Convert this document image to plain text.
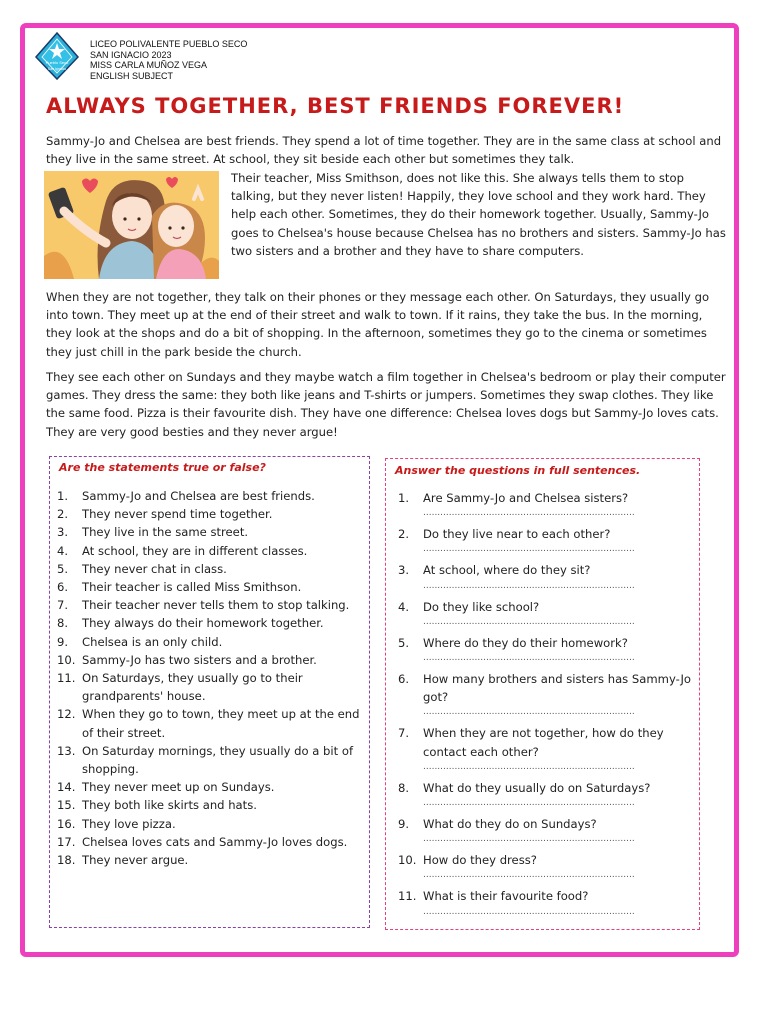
Pueblo Seco
San Ignacio
LICEO POLIVALENTE PUEBLO SECO
SAN IGNACIO 2023
MISS CARLA MUÑOZ VEGA
ENGLISH SUBJECT
ALWAYS TOGETHER, BEST FRIENDS FOREVER!
Sammy-Jo and Chelsea are best friends. They spend a lot of time together. They are in the same class at school and they live in the same street. At school, they sit beside each other but sometimes they talk.
Their teacher, Miss Smithson, does not like this. She always tells them to stop talking, but they never listen! Happily, they love school and they work hard. They help each other. Sometimes, they do their homework together. Usually, Sammy-Jo goes to Chelsea's house because Chelsea has no brothers and sisters. Sammy-Jo has two sisters and a brother and they have to share computers.
When they are not together, they talk on their phones or they message each other. On Saturdays, they usually go into town. They meet up at the end of their street and walk to town. If it rains, they take the bus. In the morning, they look at the shops and do a bit of shopping. In the afternoon, sometimes they go to the cinema or sometimes they just chill in the park beside the church.
They see each other on Sundays and they maybe watch a film together in Chelsea's bedroom or play their computer games. They dress the same: they both like jeans and T-shirts or jumpers. Sometimes they swap clothes. They like the same food. Pizza is their favourite dish. They have one difference: Chelsea loves dogs but Sammy-Jo loves cats. They are very good besties and they never argue!
Are the statements true or false?
1. Sammy-Jo and Chelsea are best friends.
2. They never spend time together.
3. They live in the same street.
4. At school, they are in different classes.
5. They never chat in class.
6. Their teacher is called Miss Smithson.
7. Their teacher never tells them to stop talking.
8. They always do their homework together.
9. Chelsea is an only child.
10. Sammy-Jo has two sisters and a brother.
11. On Saturdays, they usually go to their grandparents' house.
12. When they go to town, they meet up at the end of their street.
13. On Saturday mornings, they usually do a bit of shopping.
14. They never meet up on Sundays.
15. They both like skirts and hats.
16. They love pizza.
17. Chelsea loves cats and Sammy-Jo loves dogs.
18. They never argue.
Answer the questions in full sentences.
1. Are Sammy-Jo and Chelsea sisters?
..........................................................................
2. Do they live near to each other?
..........................................................................
3. At school, where do they sit?
..........................................................................
4. Do they like school?
..........................................................................
5. Where do they do their homework?
..........................................................................
6. How many brothers and sisters has Sammy-Jo got?
..........................................................................
7. When they are not together, how do they contact each other?
..........................................................................
8. What do they usually do on Saturdays?
..........................................................................
9. What do they do on Sundays?
..........................................................................
10. How do they dress?
..........................................................................
11. What is their favourite food?
..........................................................................
